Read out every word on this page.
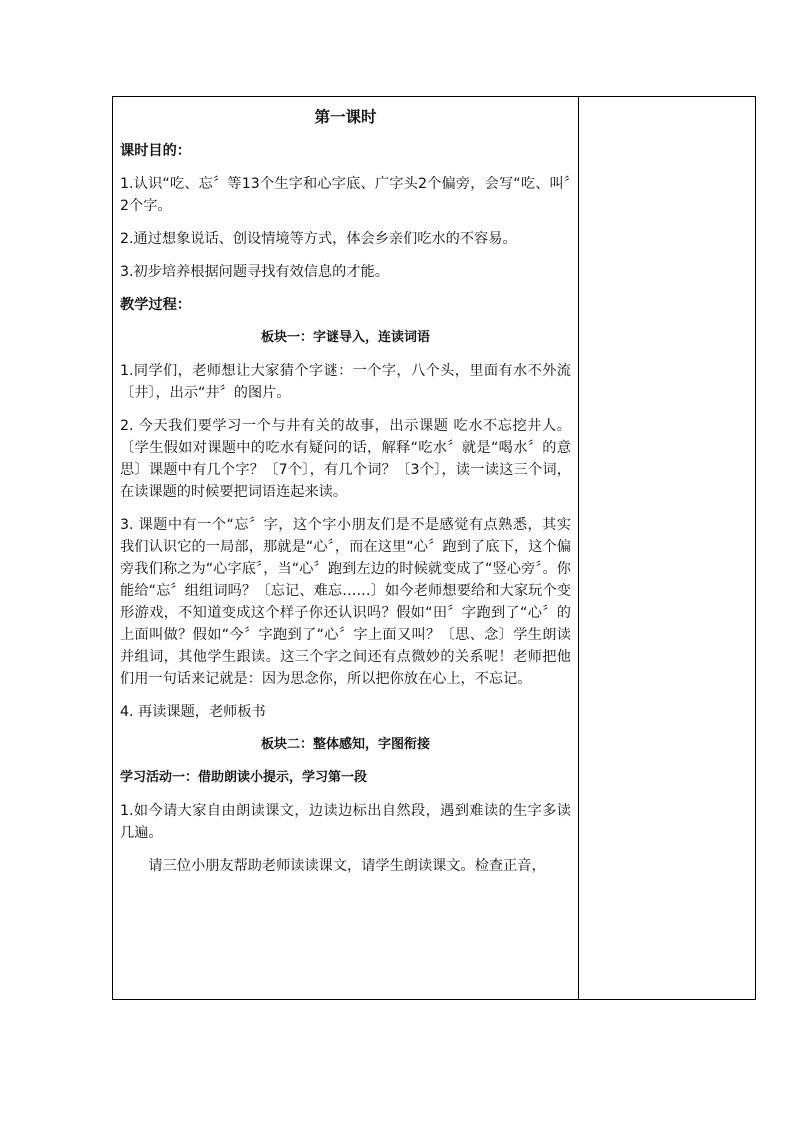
第一课时
课时目的：
1.认识“吃、忘〞等13个生字和心字底、广字头2个偏旁，会写“吃、叫〞2个字。
2.通过想象说话、创设情境等方式，体会乡亲们吃水的不容易。
3.初步培养根据问题寻找有效信息的才能。
教学过程：
板块一：字谜导入，连读词语
1.同学们，老师想让大家猜个字谜：一个字，八个头，里面有水不外流〔井〕，出示“井〞的图片。
2. 今天我们要学习一个与井有关的故事，出示课题 吃水不忘挖井人。〔学生假如对课题中的吃水有疑问的话，解释“吃水〞就是“喝水〞的意思〕课题中有几个字？〔7个〕，有几个词？〔3个〕，读一读这三个词，在读课题的时候要把词语连起来读。
3. 课题中有一个“忘〞字，这个字小朋友们是不是感觉有点熟悉，其实我们认识它的一局部，那就是“心〞，而在这里“心〞跑到了底下，这个偏旁我们称之为“心字底〞，当“心〞跑到左边的时候就变成了“竖心旁〞。你能给“忘〞组组词吗？〔忘记、难忘……〕如今老师想要给和大家玩个变形游戏，不知道变成这个样子你还认识吗？假如“田〞字跑到了“心〞的上面叫做？假如“今〞字跑到了“心〞字上面又叫？〔思、念〕学生朗读并组词，其他学生跟读。这三个字之间还有点微妙的关系呢！老师把他们用一句话来记就是：因为思念你，所以把你放在心上，不忘记。
4. 再读课题，老师板书
板块二：整体感知，字图衔接
学习活动一：借助朗读小提示，学习第一段
1.如今请大家自由朗读课文，边读边标出自然段，遇到难读的生字多读几遍。
请三位小朋友帮助老师读读课文，请学生朗读课文。检查正音，
